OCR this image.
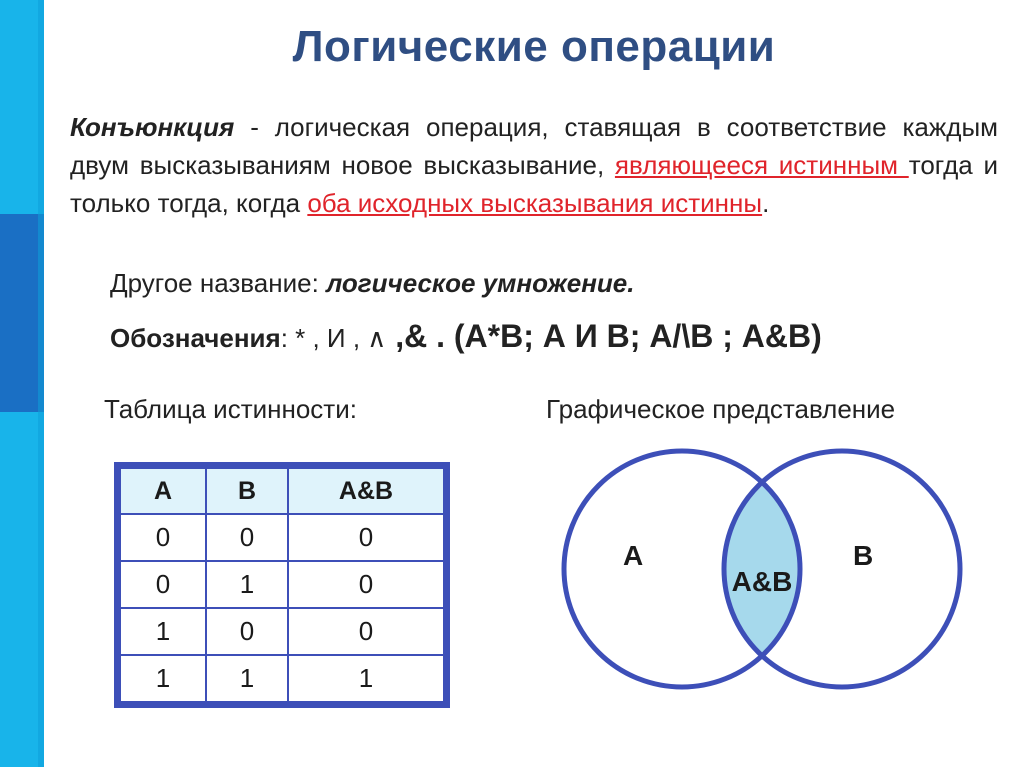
Логические операции
Конъюнкция - логическая операция, ставящая в соответствие каждым двум высказываниям новое высказывание, являющееся истинным тогда и только тогда, когда оба исходных высказывания истинны.
Другое название: логическое умножение.
Обозначения: * , И , ∧ ,& . (А*В; А И В; А/\В ; А&В)
Таблица истинности:	Графическое представление
А	В	А&В
0	0	0
0	1	0
1	0	0
1	1	1
А	В
А&В
